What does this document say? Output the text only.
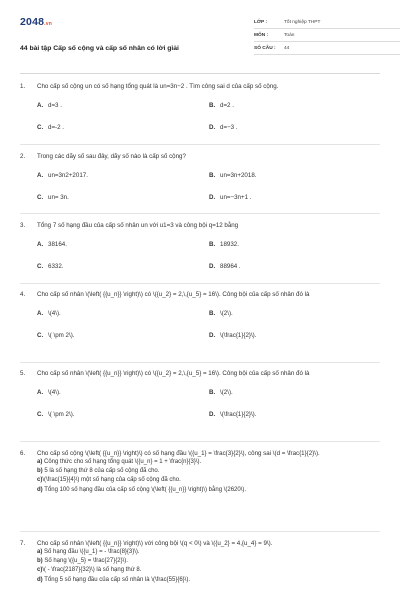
2048.vn
44 bài tập Cấp số cộng và cấp số nhân có lời giải
LỚP :	Tốt nghiệp THPT
MÔN :	Toán
SỐ CÂU :	44
1.	Cho cấp số cộng un có số hạng tổng quát là un=3n−2 . Tìm công sai d của cấp số cộng.
A. d=3 .	B. d=2 .
C. d=-2 .	D. d=−3 .
2.	Trong các dãy số sau đây, dãy số nào là cấp số cộng?
A. un=3n2+2017.	B. un=3n+2018.
C. un= 3n.	D. un=−3n+1 .
3.	Tổng 7 số hạng đầu của cấp số nhân un với u1=3 và công bội q=12 bằng
A. 38164.	B. 18932.
C. 6332.	D. 88964 .
4.	Cho cấp số nhân \(\left( {{u_n}} \right)\) có \({u_2} = 2,\,{u_5} = 16\). Công bội của cấp số nhân đó là
A. \(4\).	B. \(2\).
C. \( \pm 2\).	D. \(\frac{1}{2}\).
5.	Cho cấp số nhân \(\left( {{u_n}} \right)\) có \({u_2} = 2,\,{u_5} = 16\). Công bội của cấp số nhân đó là
A. \(4\).	B. \(2\).
C. \( \pm 2\).	D. \(\frac{1}{2}\).
6.	Cho cấp số cộng \(\left( {{u_n}} \right)\) có số hạng đầu \({u_1} = \frac{3}{2}\), công sai \(d = \frac{1}{2}\).
a) Công thức cho số hạng tổng quát \({u_n} = 1 + \frac{n}{3}\).
b) 5 là số hạng thứ 8 của cấp số cộng đã cho.
c)\(\frac{15}{4}\) một số hạng của cấp số cộng đã cho.
d) Tổng 100 số hạng đầu của cấp số cộng \(\left( {{u_n}} \right)\) bằng \(2620\).
7.	Cho cấp số nhân \(\left( {{u_n}} \right)\) với công bội \(q < 0\) và \({u_2} = 4,{u_4} = 9\).
a) Số hạng đầu \({u_1} = - \frac{8}{3}\).
b) Số hạng \({u_5} = \frac{27}{2}\).
c)\( - \frac{2187}{32}\) là số hạng thứ 8.
d) Tổng 5 số hạng đầu của cấp số nhân là \(\frac{55}{6}\).
